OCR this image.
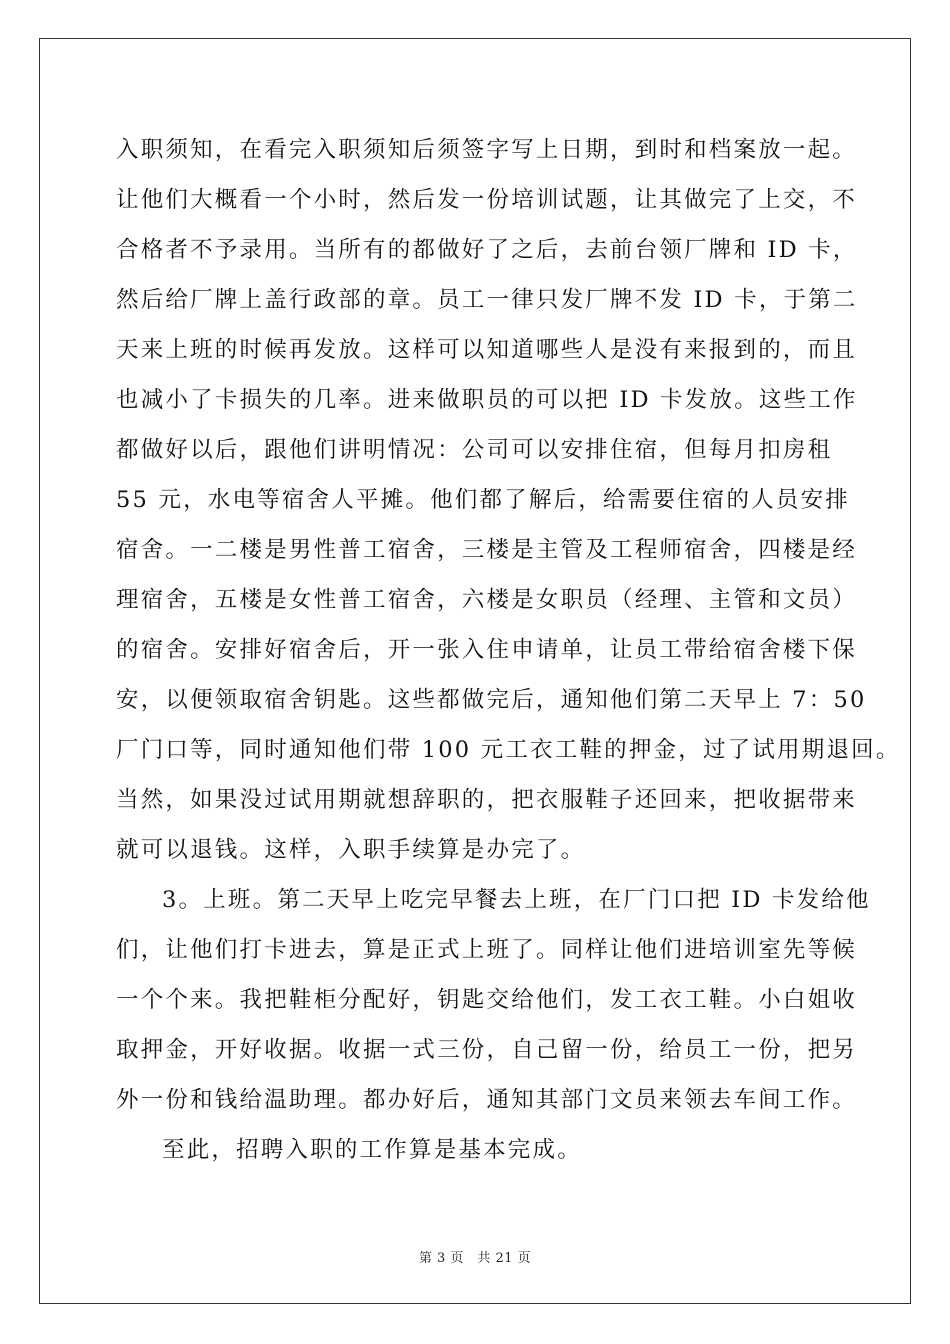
入职须知，在看完入职须知后须签字写上日期，到时和档案放一起。
让他们大概看一个小时，然后发一份培训试题，让其做完了上交，不
合格者不予录用。当所有的都做好了之后，去前台领厂牌和 ID 卡，
然后给厂牌上盖行政部的章。员工一律只发厂牌不发 ID 卡，于第二
天来上班的时候再发放。这样可以知道哪些人是没有来报到的，而且
也减小了卡损失的几率。进来做职员的可以把 ID 卡发放。这些工作
都做好以后，跟他们讲明情况：公司可以安排住宿，但每月扣房租
55 元，水电等宿舍人平摊。他们都了解后，给需要住宿的人员安排
宿舍。一二楼是男性普工宿舍，三楼是主管及工程师宿舍，四楼是经
理宿舍，五楼是女性普工宿舍，六楼是女职员（经理、主管和文员）
的宿舍。安排好宿舍后，开一张入住申请单，让员工带给宿舍楼下保
安，以便领取宿舍钥匙。这些都做完后，通知他们第二天早上 7：50
厂门口等，同时通知他们带 100 元工衣工鞋的押金，过了试用期退回。
当然，如果没过试用期就想辞职的，把衣服鞋子还回来，把收据带来
就可以退钱。这样，入职手续算是办完了。
3。上班。第二天早上吃完早餐去上班，在厂门口把 ID 卡发给他
们，让他们打卡进去，算是正式上班了。同样让他们进培训室先等候
一个个来。我把鞋柜分配好，钥匙交给他们，发工衣工鞋。小白姐收
取押金，开好收据。收据一式三份，自己留一份，给员工一份，把另
外一份和钱给温助理。都办好后，通知其部门文员来领去车间工作。
至此，招聘入职的工作算是基本完成。
第 3 页　共 21 页
